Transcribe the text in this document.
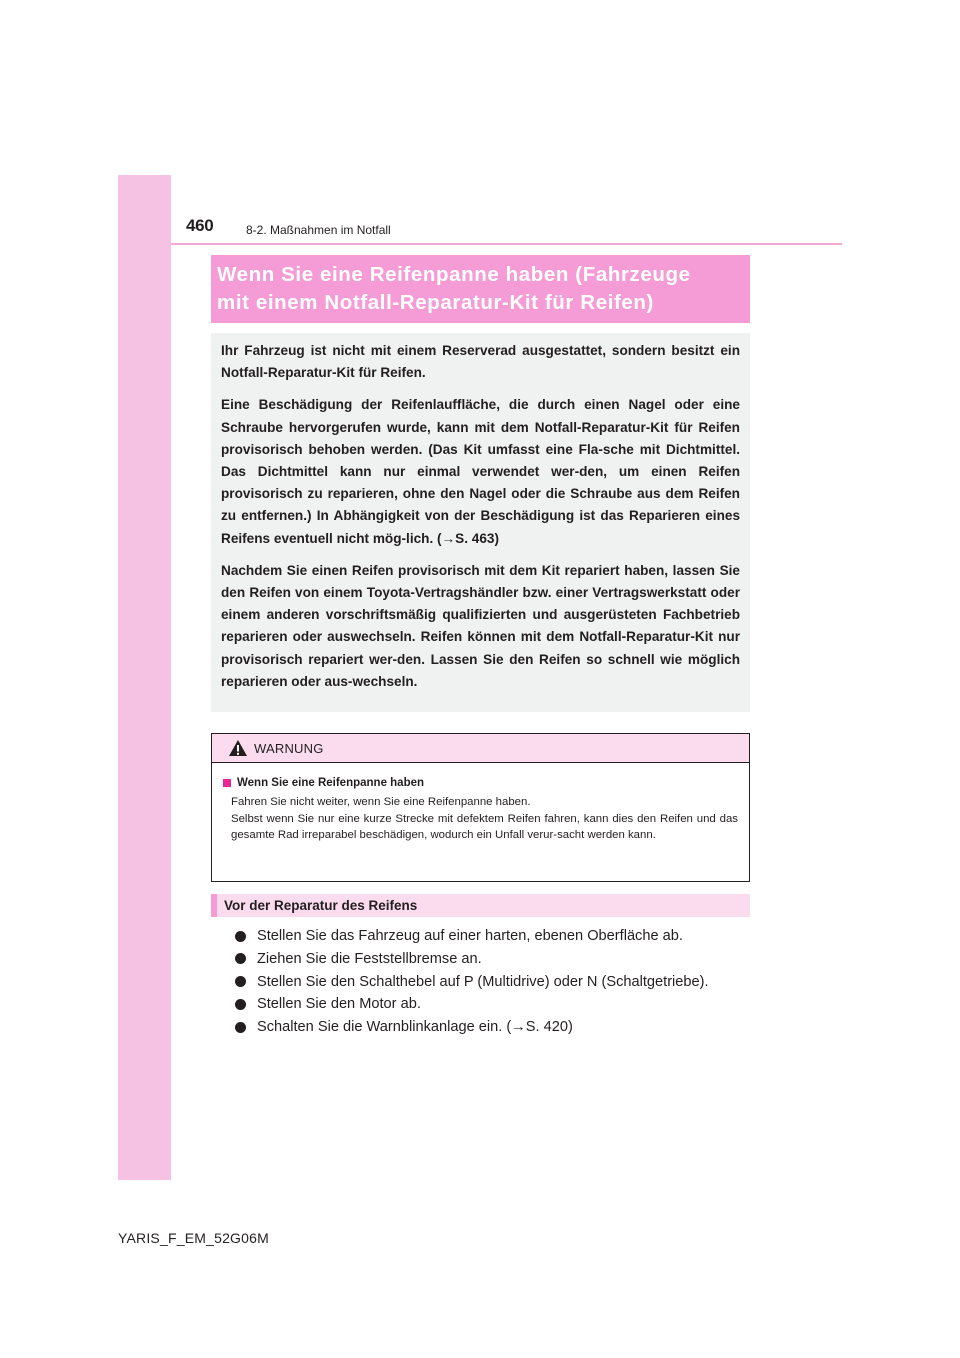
460	8-2. Maßnahmen im Notfall
Wenn Sie eine Reifenpanne haben (Fahrzeuge
mit einem Notfall-Reparatur-Kit für Reifen)

Ihr Fahrzeug ist nicht mit einem Reserverad ausgestattet, sondern besitzt ein Notfall-Reparatur-Kit für Reifen.

Eine Beschädigung der Reifenlauffläche, die durch einen Nagel oder eine Schraube hervorgerufen wurde, kann mit dem Notfall-Reparatur-Kit für Reifen provisorisch behoben werden. (Das Kit umfasst eine Fla-sche mit Dichtmittel. Das Dichtmittel kann nur einmal verwendet wer-den, um einen Reifen provisorisch zu reparieren, ohne den Nagel oder die Schraube aus dem Reifen zu entfernen.) In Abhängigkeit von der Beschädigung ist das Reparieren eines Reifens eventuell nicht mög-lich. (→S. 463)

Nachdem Sie einen Reifen provisorisch mit dem Kit repariert haben, lassen Sie den Reifen von einem Toyota-Vertragshändler bzw. einer Vertragswerkstatt oder einem anderen vorschriftsmäßig qualifizierten und ausgerüsteten Fachbetrieb reparieren oder auswechseln. Reifen können mit dem Notfall-Reparatur-Kit nur provisorisch repariert wer-den. Lassen Sie den Reifen so schnell wie möglich reparieren oder aus-wechseln.

WARNUNG
Wenn Sie eine Reifenpanne haben

Fahren Sie nicht weiter, wenn Sie eine Reifenpanne haben.

Selbst wenn Sie nur eine kurze Strecke mit defektem Reifen fahren, kann dies den Reifen und das gesamte Rad irreparabel beschädigen, wodurch ein Unfall verur-sacht werden kann.

Vor der Reparatur des Reifens
Stellen Sie das Fahrzeug auf einer harten, ebenen Oberfläche ab.
Ziehen Sie die Feststellbremse an.
Stellen Sie den Schalthebel auf P (Multidrive) oder N (Schaltgetriebe).
Stellen Sie den Motor ab.
Schalten Sie die Warnblinkanlage ein. (→S. 420)
YARIS_F_EM_52G06M
